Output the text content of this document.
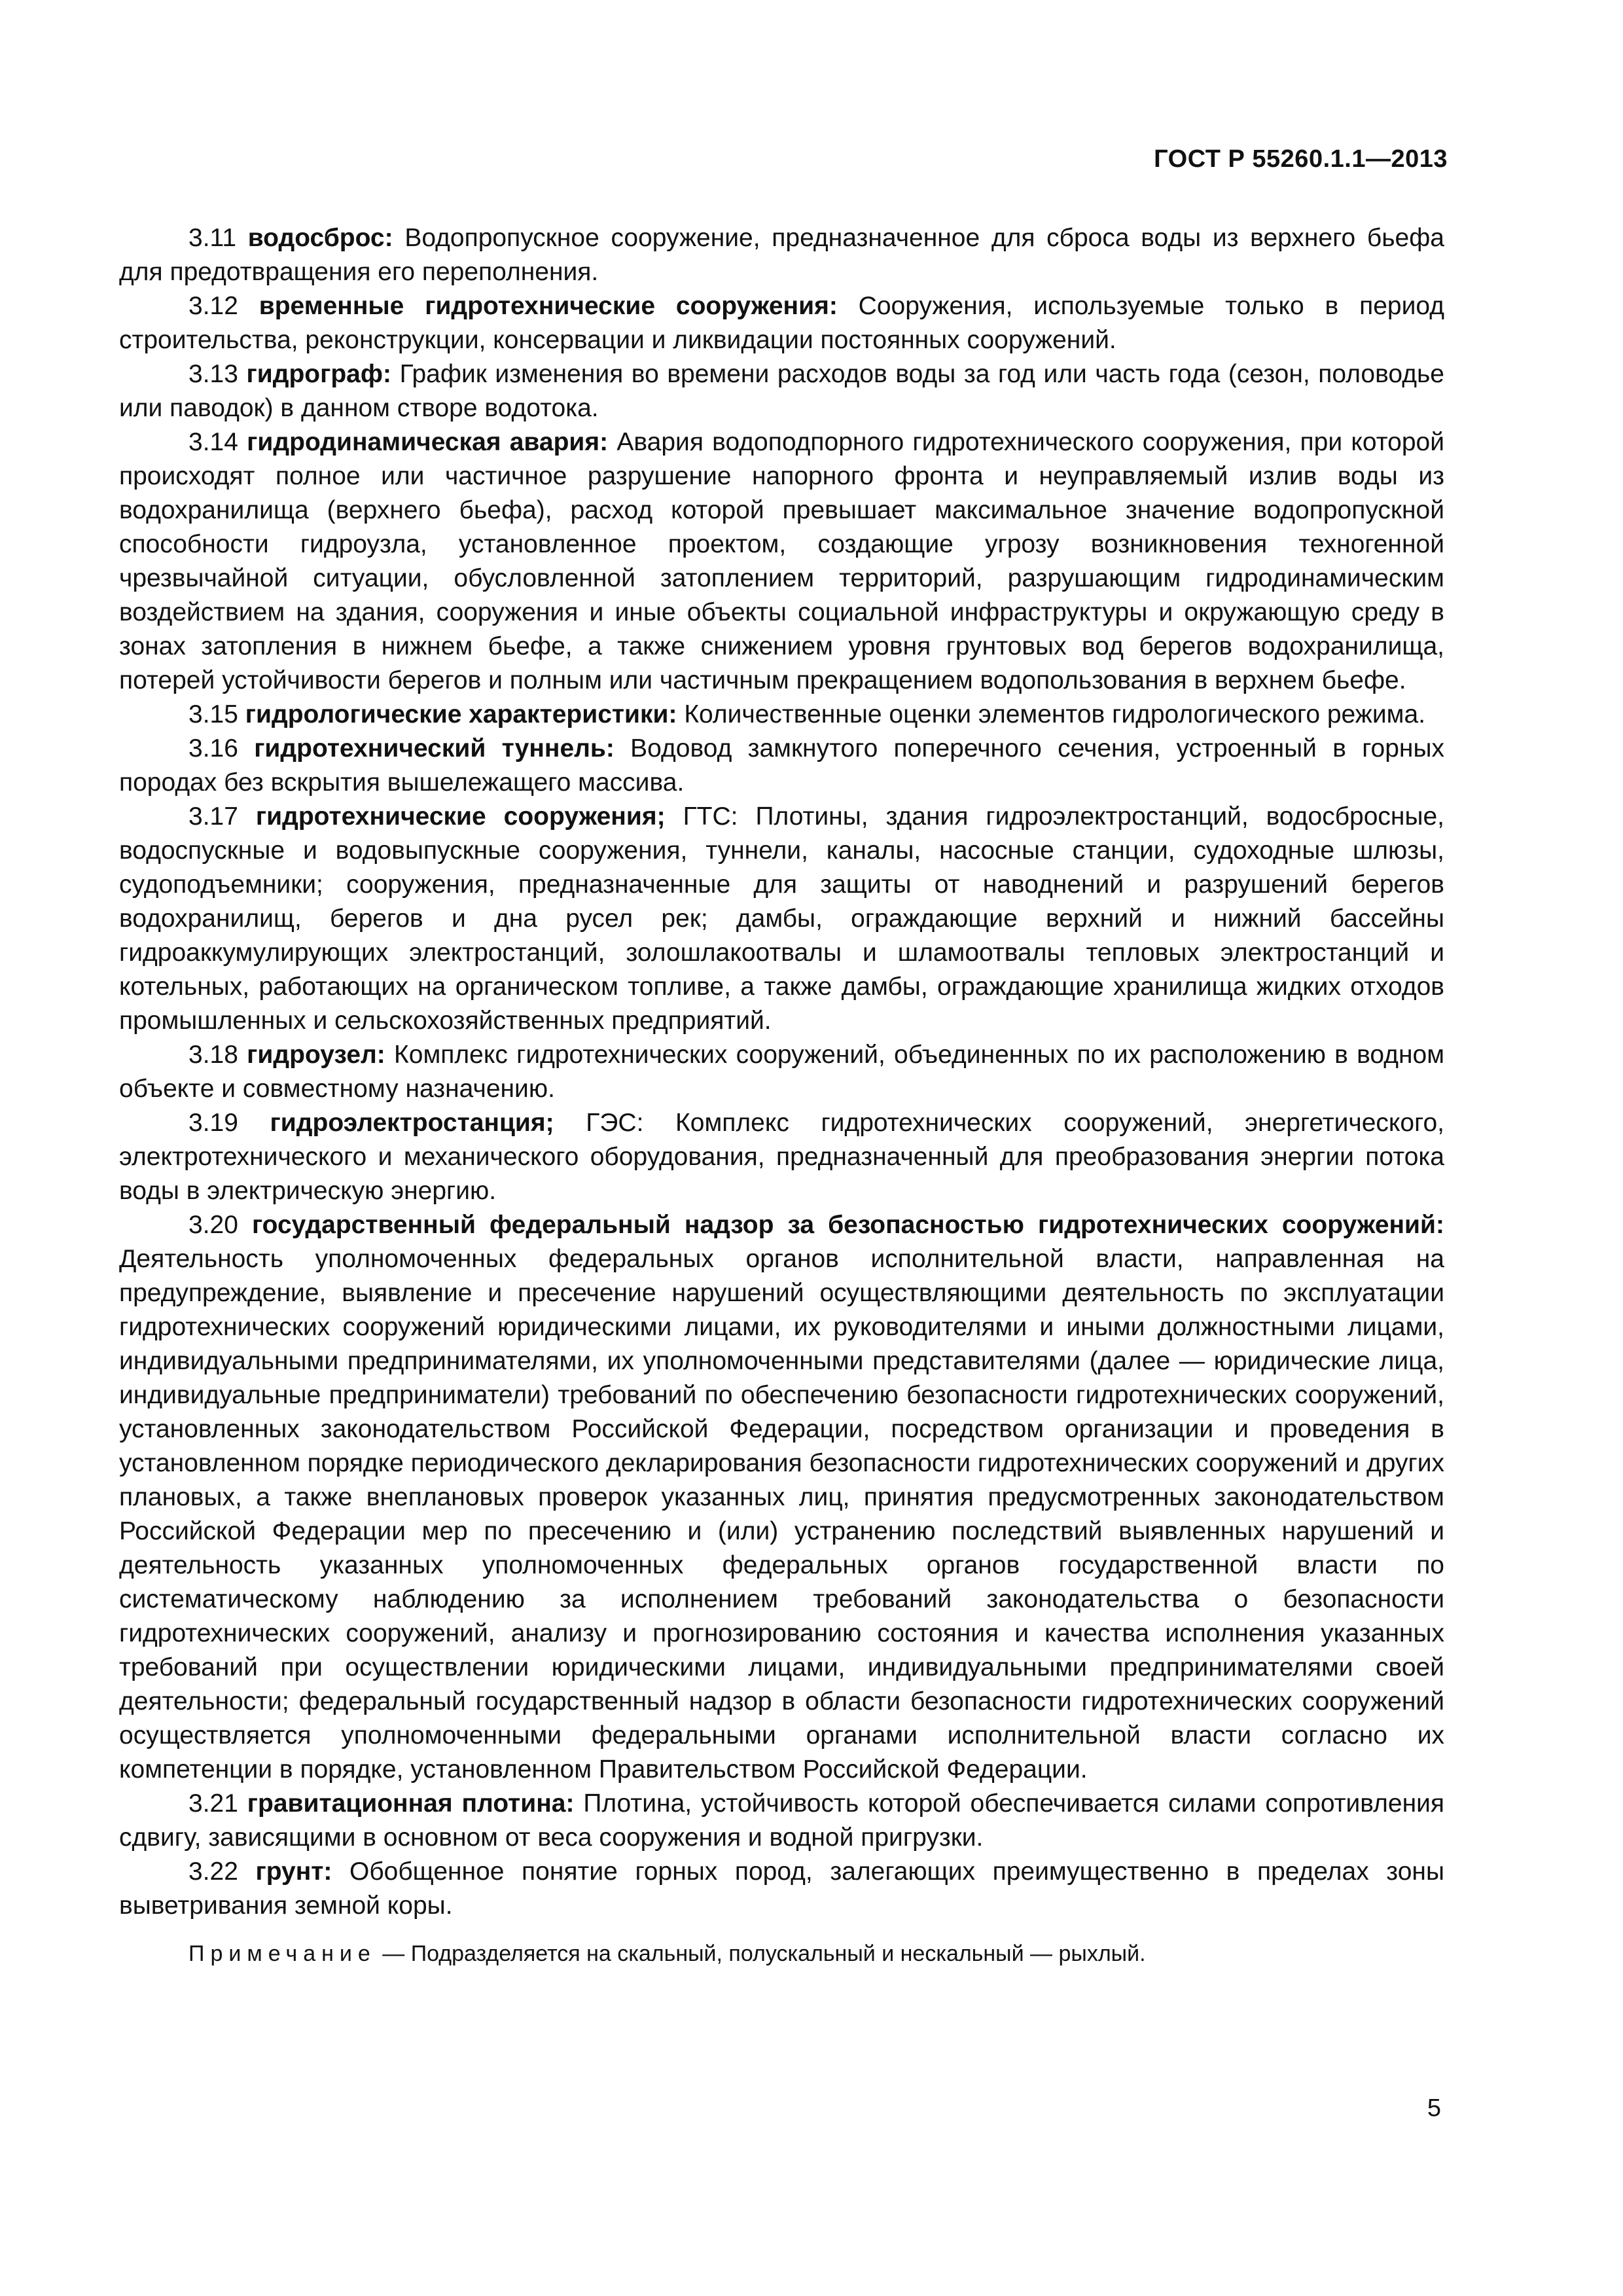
ГОСТ Р 55260.1.1—2013

3.11 водосброс: Водопропускное сооружение, предназначенное для сброса воды из верхнего бьефа для предотвращения его переполнения.

3.12 временные гидротехнические сооружения: Сооружения, используемые только в период строительства, реконструкции, консервации и ликвидации постоянных сооружений.

3.13 гидрограф: График изменения во времени расходов воды за год или часть года (сезон, половодье или паводок) в данном створе водотока.

3.14 гидродинамическая авария: Авария водоподпорного гидротехнического сооружения, при которой происходят полное или частичное разрушение напорного фронта и неуправляемый излив воды из водохранилища (верхнего бьефа), расход которой превышает максимальное значение водопропускной способности гидроузла, установленное проектом, создающие угрозу возникновения техногенной чрезвычайной ситуации, обусловленной затоплением территорий, разрушающим гидродинамическим воздействием на здания, сооружения и иные объекты социальной инфраструктуры и окружающую среду в зонах затопления в нижнем бьефе, а также снижением уровня грунтовых вод берегов водохранилища, потерей устойчивости берегов и полным или частичным прекращением водопользования в верхнем бьефе.

3.15 гидрологические характеристики: Количественные оценки элементов гидрологического режима.

3.16 гидротехнический туннель: Водовод замкнутого поперечного сечения, устроенный в горных породах без вскрытия вышележащего массива.

3.17 гидротехнические сооружения; ГТС: Плотины, здания гидроэлектростанций, водосбросные, водоспускные и водовыпускные сооружения, туннели, каналы, насосные станции, судоходные шлюзы, судоподъемники; сооружения, предназначенные для защиты от наводнений и разрушений берегов водохранилищ, берегов и дна русел рек; дамбы, ограждающие верхний и нижний бассейны гидроаккумулирующих электростанций, золошлакоотвалы и шламоотвалы тепловых электростанций и котельных, работающих на органическом топливе, а также дамбы, ограждающие хранилища жидких отходов промышленных и сельскохозяйственных предприятий.

3.18 гидроузел: Комплекс гидротехнических сооружений, объединенных по их расположению в водном объекте и совместному назначению.

3.19 гидроэлектростанция; ГЭС: Комплекс гидротехнических сооружений, энергетического, электротехнического и механического оборудования, предназначенный для преобразования энергии потока воды в электрическую энергию.

3.20 государственный федеральный надзор за безопасностью гидротехнических сооружений: Деятельность уполномоченных федеральных органов исполнительной власти, направленная на предупреждение, выявление и пресечение нарушений осуществляющими деятельность по эксплуатации гидротехнических сооружений юридическими лицами, их руководителями и иными должностными лицами, индивидуальными предпринимателями, их уполномоченными представителями (далее — юридические лица, индивидуальные предприниматели) требований по обеспечению безопасности гидротехнических сооружений, установленных законодательством Российской Федерации, посредством организации и проведения в установленном порядке периодического декларирования безопасности гидротехнических сооружений и других плановых, а также внеплановых проверок указанных лиц, принятия предусмотренных законодательством Российской Федерации мер по пресечению и (или) устранению последствий выявленных нарушений и деятельность указанных уполномоченных федеральных органов государственной власти по систематическому наблюдению за исполнением требований законодательства о безопасности гидротехнических сооружений, анализу и прогнозированию состояния и качества исполнения указанных требований при осуществлении юридическими лицами, индивидуальными предпринимателями своей деятельности; федеральный государственный надзор в области безопасности гидротехнических сооружений осуществляется уполномоченными федеральными органами исполнительной власти согласно их компетенции в порядке, установленном Правительством Российской Федерации.

3.21 гравитационная плотина: Плотина, устойчивость которой обеспечивается силами сопротивления сдвигу, зависящими в основном от веса сооружения и водной пригрузки.

3.22 грунт: Обобщенное понятие горных пород, залегающих преимущественно в пределах зоны выветривания земной коры.

Примечание — Подразделяется на скальный, полускальный и нескальный — рыхлый.

5
